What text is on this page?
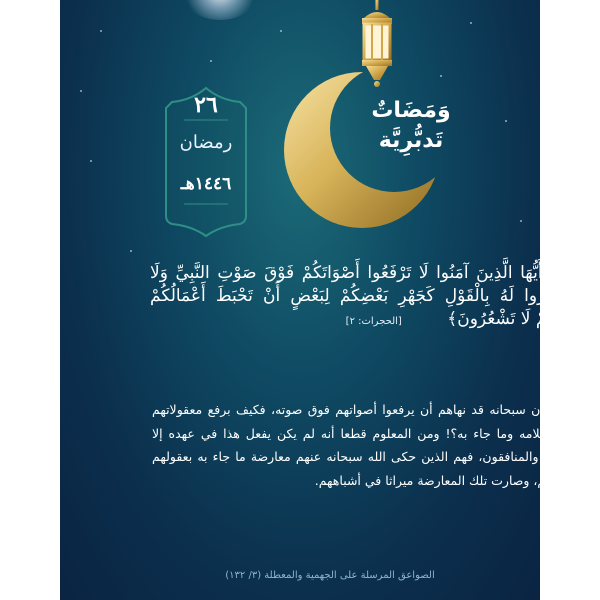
٢٦
رمضان
١٤٤٦هـ
وَمَضَاتٌ
تَدبُّرِيَّة
﴿يَا أَيُّهَا الَّذِينَ آمَنُوا لَا تَرْفَعُوا أَصْوَاتَكُمْ فَوْقَ صَوْتِ النَّبِيِّ وَلَا تَجْهَرُوا لَهُ بِالْقَوْلِ كَجَهْرِ بَعْضِكُمْ لِبَعْضٍ أَنْ تَحْبَطَ أَعْمَالُكُمْ وَأَنْتُمْ لَا تَشْعُرُونَ﴾ [الحجرات: ٢]
وإذا كان سبحانه قد نهاهم أن يرفعوا أصواتهم فوق صوته، فكيف برفع معقولاتهم فوق كلامه وما جاء به؟! ومن المعلوم قطعا أنه لم يكن يفعل هذا في عهده إلا الكفار والمنافقون، فهم الذين حكى الله سبحانه عنهم معارضة ما جاء به بعقولهم وآرائهم، وصارت تلك المعارضة ميراثا في أشباههم.
الصواعق المرسلة على الجهمية والمعطلة (٣/ ١٣٢)
